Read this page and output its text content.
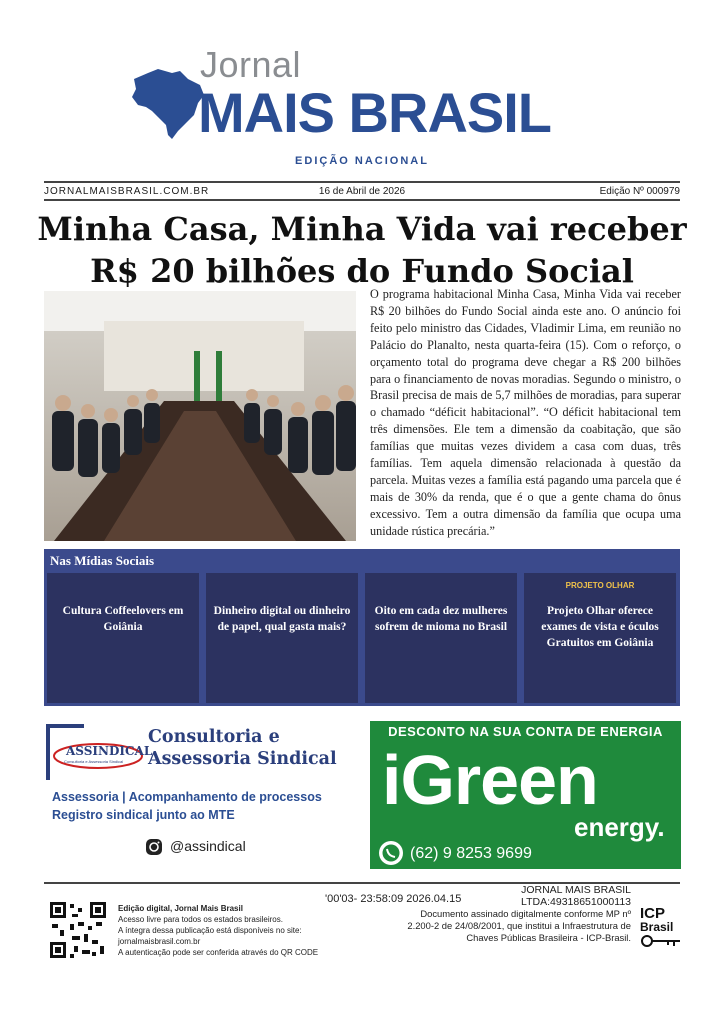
Jornal
MAIS BRASIL
EDIÇÃO NACIONAL
JORNALMAISBRASIL.COM.BR	16 de Abril de 2026	Edição Nº 000979
Minha Casa, Minha Vida vai receber
R$ 20 bilhões do Fundo Social
O programa habitacional Minha Casa, Minha Vida vai receber R$ 20 bilhões do Fundo Social ainda este ano. O anúncio foi feito pelo ministro das Cidades, Vladimir Lima, em reunião no Palácio do Planalto, nesta quarta-feira (15). Com o reforço, o orçamento total do programa deve chegar a R$ 200 bilhões para o financiamento de novas moradias. Segundo o ministro, o Brasil precisa de mais de 5,7 milhões de moradias, para superar o chamado “déficit habitacional”. “O déficit habitacional tem três dimensões. Ele tem a dimensão da coabitação, que são famílias que muitas vezes dividem a casa com duas, três famílias. Tem aquela dimensão relacionada à questão da parcela. Muitas vezes a família está pagando uma parcela que é mais de 30% da renda, que é o que a gente chama do ônus excessivo. Tem a outra dimensão da família que ocupa uma unidade rústica precária.”
Nas Mídias Sociais
Cultura Coffeelovers em Goiânia
Dinheiro digital ou dinheiro de papel, qual gasta mais?
Oito em cada dez mulheres sofrem de mioma no Brasil
PROJETO OLHAR
Projeto Olhar oferece exames de vista e óculos Gratuitos em Goiânia
ASSINDICAL
Consultoria e Assessoria Sindical
Consultoria e
Assessoria Sindical
Assessoria | Acompanhamento de processos
Registro sindical junto ao MTE
@assindical
DESCONTO NA SUA CONTA DE ENERGIA
iGreen
energy.
(62) 9 8253 9699
Edição digital, Jornal Mais Brasil
Acesso livre para todos os estados brasileiros.
A íntegra dessa publicação está disponíveis no site:
jornalmaisbrasil.com.br
A autenticação pode ser conferida através do QR CODE
'00'03- 23:58:09 2026.04.15
JORNAL MAIS BRASIL
LTDA:49318651000113
Documento assinado digitalmente conforme MP nº
2.200-2 de 24/08/2001, que institui a Infraestrutura de
Chaves Públicas Brasileira - ICP-Brasil.
ICP
Brasil
